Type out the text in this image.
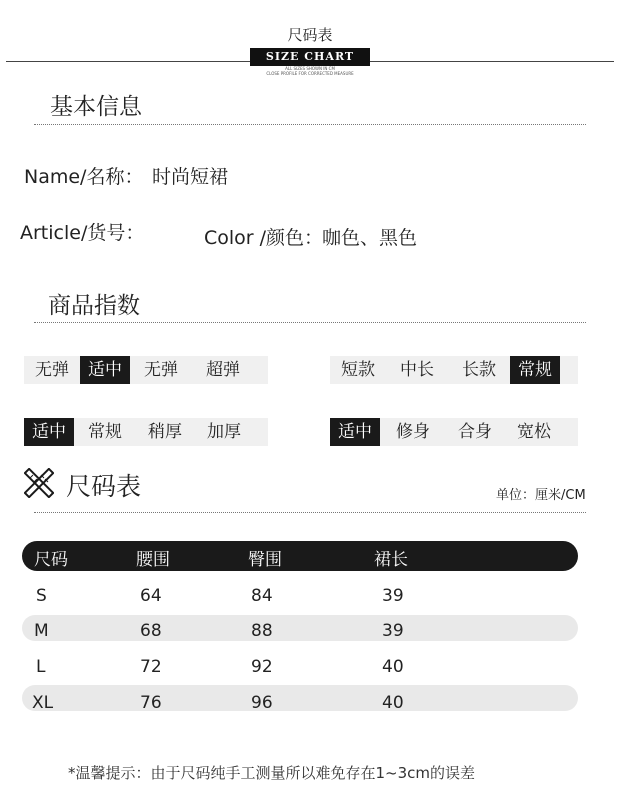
尺码表
SIZE CHART
ALL SIZES SHOWN IN CM
CLOSE PROFILE FOR CORRECTED MEASURE
基本信息
Name/名称： 时尚短裙
Article/货号：	Color /颜色：
咖色、黑色
商品指数
无弹	适中	无弹	超弹	短款	中长	长款	常规
适中	常规	稍厚	加厚	适中	修身	合身	宽松
尺码表	单位：厘米/CM
尺码	腰围	臀围	裙长
S	64	84	39
M	68	88	39
L	72	92	40
XL	76	96	40
*温馨提示：由于尺码纯手工测量所以难免存在1~3cm的误差
